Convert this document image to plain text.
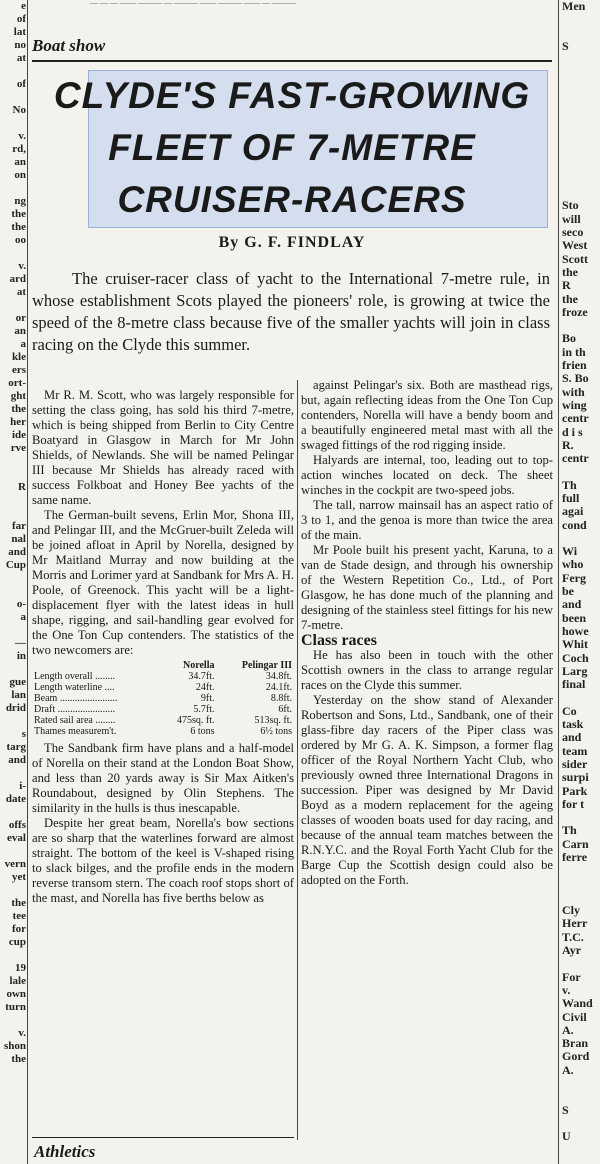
— — — —— ——— — ——— —— ——— —— — ———
e
of
lat
no
at
of
No
v.
rd,
an
on
ng
the
the
oo
v.
ard
at
or
an
a
kle
ers
ort-
ght
the
her
ide
rve
R
far
nal
and
Cup
o-
a
—
in
gue
lan
drid
s
targ
and
i-
date
offs
eval
vern
yet
the
tee
for
cup
19
lale
own
turn
v.
shon
the
Boat show
CLYDE'S FAST-GROWING
FLEET OF 7-METRE
CRUISER-RACERS
By G. F. FINDLAY

The cruiser-racer class of yacht to the International 7-metre rule, in whose establishment Scots played the pioneers' role, is growing at twice the speed of the 8-metre class because five of the smaller yachts will join in class racing on the Clyde this summer.

Mr R. M. Scott, who was largely responsible for setting the class going, has sold his third 7-metre, which is being shipped from Berlin to City Centre Boatyard in Glasgow in March for Mr John Shields, of Newlands. She will be named Pelingar III because Mr Shields has already raced with success Folkboat and Honey Bee yachts of the same name.

The German-built sevens, Erlin Mor, Shona III, and Pelingar III, and the McGruer-built Zeleda will be joined afloat in April by Norella, designed by Mr Maitland Murray and now building at the Morris and Lorimer yard at Sandbank for Mrs A. H. Poole, of Greenock. This yacht will be a light-displacement flyer with the latest ideas in hull shape, rigging, and sail-handling gear evolved for the One Ton Cup contenders. The statistics of the two newcomers are:

	Norella	Pelingar III
Length overall ........	34.7ft.	34.8ft.
Length waterline ....	24ft.	24.1ft.
Beam .......................	9ft.	8.8ft.
Draft .......................	5.7ft.	6ft.
Rated sail area ........	475sq. ft.	513sq. ft.
Thames measurem't.	6 tons	6½ tons

The Sandbank firm have plans and a half-model of Norella on their stand at the London Boat Show, and less than 20 yards away is Sir Max Aitken's Roundabout, designed by Olin Stephens. The similarity in the hulls is thus inescapable.

Despite her great beam, Norella's bow sections are so sharp that the waterlines forward are almost straight. The bottom of the keel is V-shaped rising to slack bilges, and the profile ends in the modern reverse transom stern. The coach roof stops short of the mast, and Norella has five berths below as

against Pelingar's six. Both are masthead rigs, but, again reflecting ideas from the One Ton Cup contenders, Norella will have a bendy boom and a beautifully engineered metal mast with all the swaged fittings of the rod rigging inside.

Halyards are internal, too, leading out to top-action winches located on deck. The sheet winches in the cockpit are two-speed jobs.

The tall, narrow mainsail has an aspect ratio of 3 to 1, and the genoa is more than twice the area of the main.

Mr Poole built his present yacht, Karuna, to a van de Stade design, and through his ownership of the Western Repetition Co., Ltd., of Port Glasgow, he has done much of the planning and designing of the stainless steel fittings for his new 7-metre.

Class races

He has also been in touch with the other Scottish owners in the class to arrange regular races on the Clyde this summer.

Yesterday on the show stand of Alexander Robertson and Sons, Ltd., Sandbank, one of their glass-fibre day racers of the Piper class was ordered by Mr G. A. K. Simpson, a former flag officer of the Royal Northern Yacht Club, who previously owned three International Dragons in succession. Piper was designed by Mr David Boyd as a modern replacement for the ageing classes of wooden boats used for day racing, and because of the annual team matches between the R.N.Y.C. and the Royal Forth Yacht Club for the Barge Cup the Scottish design could also be adopted on the Forth.

Athletics
Men
S
Sto
will
seco
West
Scott
the
R
the
froze
Bo
in th
frien
S. Bo
with
wing
centr
d i s
R.
centr
Th
full
agai
cond
Wi
who
Ferg
be
and
been
howe
Whit
Coch
Larg
final
Co
task
and
team
sider
surpi
Park
for t
Th
Carn
ferre
Cly
Herr
T.C.
Ayr
For
v.
Wand
Civil
A.
Bran
Gord
A.
S
U
